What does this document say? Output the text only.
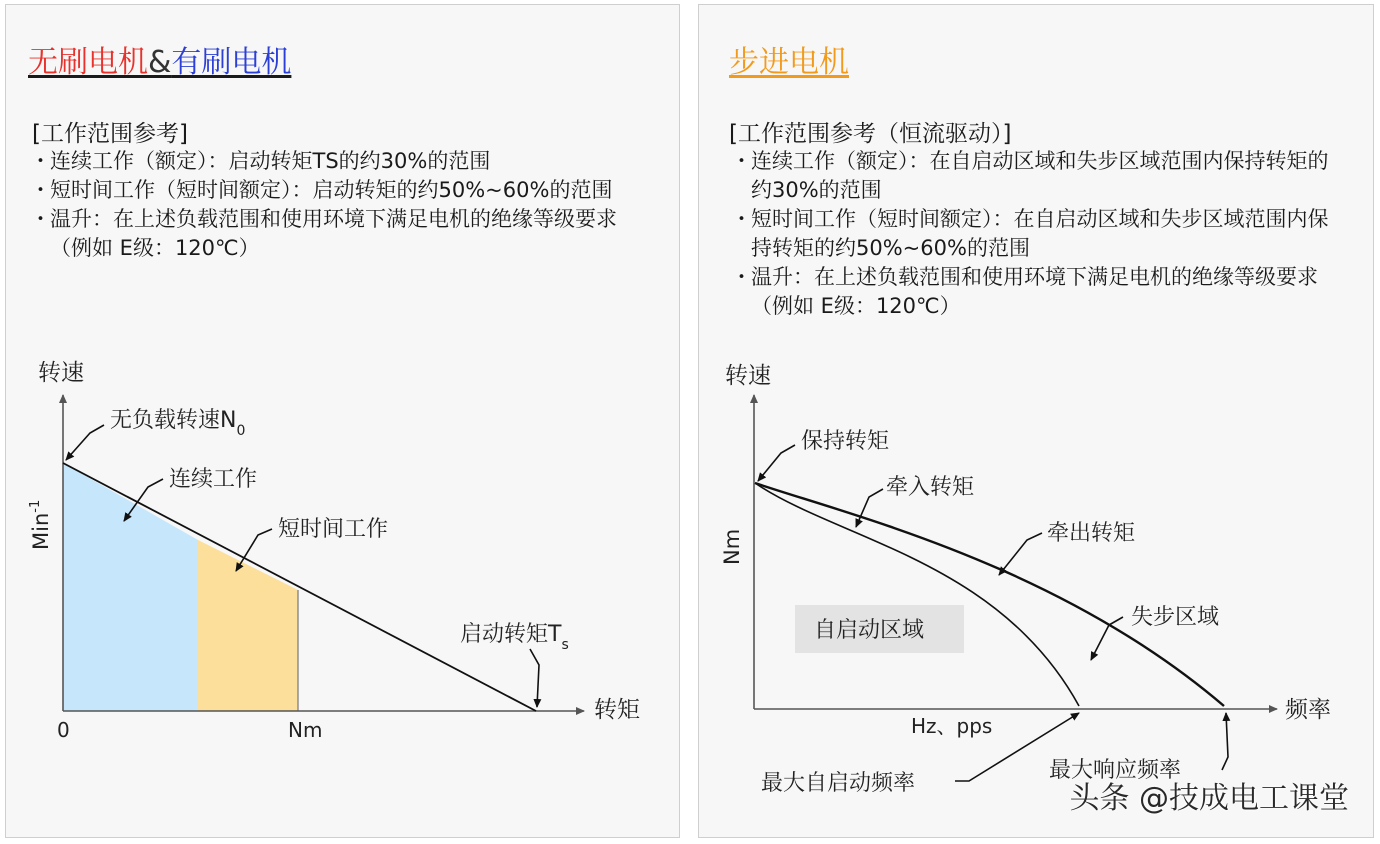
无刷电机&有刷电机
[工作范围参考]
・ 连续工作（额定）：启动转矩TS的约30%的范围
・ 短时间工作（短时间额定）：启动转矩的约50%~60%的范围
・ 温升：在上述负载范围和使用环境下满足电机的绝缘等级要求（例如 E级：120℃）
转速
Min$^{-1}$
转矩
0	Nm
无负载转速$N_0$
连续工作
短时间工作
启动转矩$T_s$
步进电机
[工作范围参考（恒流驱动）]
・ 连续工作（额定）：在自启动区域和失步区域范围内保持转矩的约30%的范围
・ 短时间工作（短时间额定）：在自启动区域和失步区域范围内保持转矩的约50%~60%的范围
・ 温升：在上述负载范围和使用环境下满足电机的绝缘等级要求（例如 E级：120℃）
自启动区域
转速
Nm
频率
Hz、pps
保持转矩
牵入转矩
牵出转矩
失步区域
最大自启动频率
最大响应频率
头条 @技成电工课堂
